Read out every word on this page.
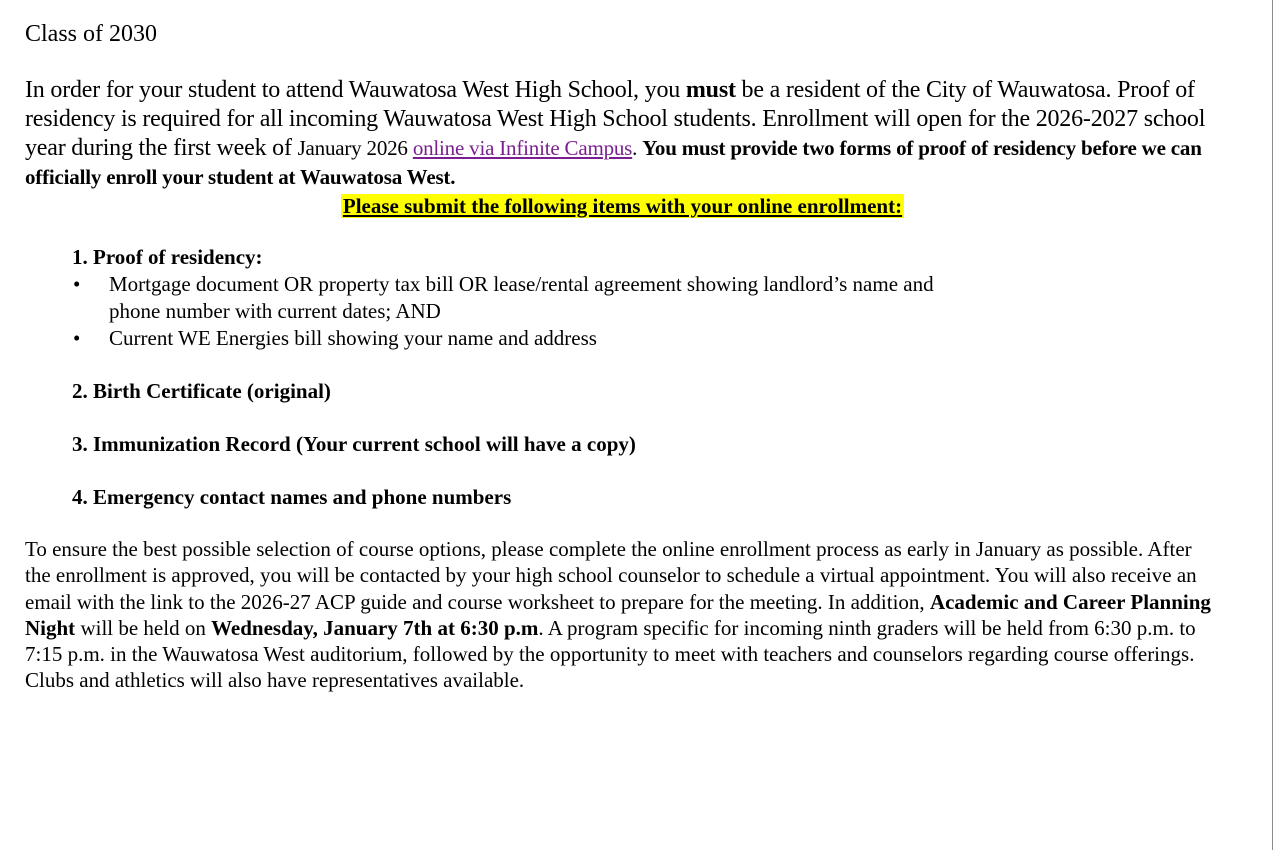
Class of 2030

In order for your student to attend Wauwatosa West High School, you must be a resident of the City of Wauwatosa. Proof of residency is required for all incoming Wauwatosa West High School students. Enrollment will open for the 2026-2027 school year during the first week of January 2026 online via Infinite Campus. You must provide two forms of proof of residency before we can officially enroll your student at Wauwatosa West.

Please submit the following items with your online enrollment:

1. Proof of residency:

• Mortgage document OR property tax bill OR lease/rental agreement showing landlord’s name and phone number with current dates; AND
• Current WE Energies bill showing your name and address

2. Birth Certificate (original)

3. Immunization Record (Your current school will have a copy)

4. Emergency contact names and phone numbers

To ensure the best possible selection of course options, please complete the online enrollment process as early in January as possible. After the enrollment is approved, you will be contacted by your high school counselor to schedule a virtual appointment. You will also receive an email with the link to the 2026-27 ACP guide and course worksheet to prepare for the meeting. In addition, Academic and Career Planning Night will be held on Wednesday, January 7th at 6:30 p.m. A program specific for incoming ninth graders will be held from 6:30 p.m. to 7:15 p.m. in the Wauwatosa West auditorium, followed by the opportunity to meet with teachers and counselors regarding course offerings. Clubs and athletics will also have representatives available.
